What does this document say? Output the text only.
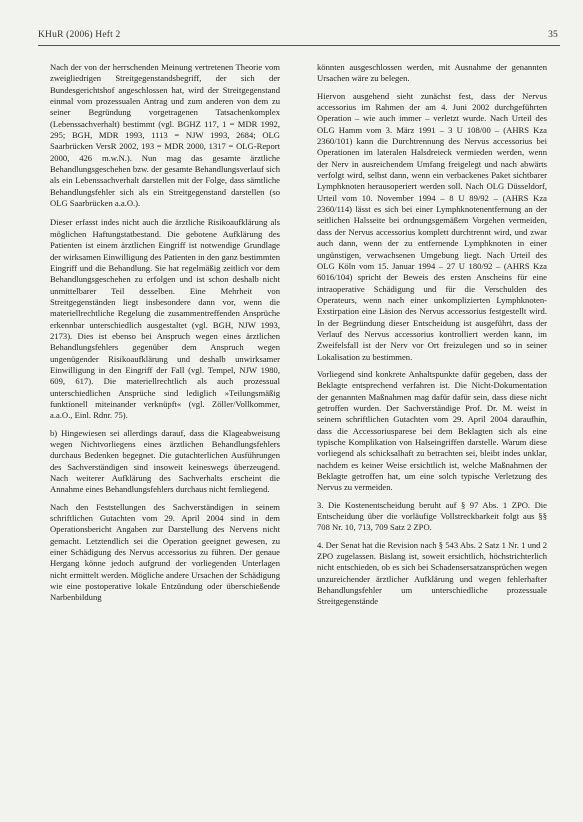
KHuR (2006) Heft 2	35

Nach der von der herrschenden Meinung vertretenen Theorie vom zweigliedrigen Streitgegenstandsbegriff, der sich der Bundesgerichtshof angeschlossen hat, wird der Streitgegenstand einmal vom prozessualen Antrag und zum anderen von dem zu seiner Begründung vorgetragenen Tatsachenkomplex (Lebenssachverhalt) bestimmt (vgl. BGHZ 117, 1 = MDR 1992, 295; BGH, MDR 1993, 1113 = NJW 1993, 2684; OLG Saarbrücken VersR 2002, 193 = MDR 2000, 1317 = OLG-Report 2000, 426 m.w.N.). Nun mag das gesamte ärztliche Behandlungsgeschehen bzw. der gesamte Behandlungsverlauf sich als ein Lebenssachverhalt darstellen mit der Folge, dass sämtliche Behandlungsfehler sich als ein Streitgegenstand darstellen (so OLG Saarbrücken a.a.O.).

Dieser erfasst indes nicht auch die ärztliche Risikoaufklärung als möglichen Haftungstatbestand. Die gebotene Aufklärung des Patienten ist einem ärztlichen Eingriff ist notwendige Grundlage der wirksamen Einwilligung des Patienten in den ganz bestimmten Eingriff und die Behandlung. Sie hat regelmäßig zeitlich vor dem Behandlungsgeschehen zu erfolgen und ist schon deshalb nicht unmittelbarer Teil desselben. Eine Mehrheit von Streitgegenständen liegt insbesondere dann vor, wenn die materiellrechtliche Regelung die zusammentreffenden Ansprüche erkennbar unterschiedlich ausgestaltet (vgl. BGH, NJW 1993, 2173). Dies ist ebenso bei Anspruch wegen eines ärztlichen Behandlungsfehlers gegenüber dem Anspruch wegen ungenügender Risikoaufklärung und deshalb unwirksamer Einwilligung in den Eingriff der Fall (vgl. Tempel, NJW 1980, 609, 617). Die materiellrechtlich als auch prozessual unterschiedlichen Ansprüche sind lediglich »Teilungsmäßig funktionell miteinander verknüpft« (vgl. Zöller/Vollkommer, a.a.O., Einl. Rdnr. 75).

b) Hingewiesen sei allerdings darauf, dass die Klageabweisung wegen Nichtvorliegens eines ärztlichen Behandlungsfehlers durchaus Bedenken begegnet. Die gutachterlichen Ausführungen des Sachverständigen sind insoweit keineswegs überzeugend. Nach weiterer Aufklärung des Sachverhalts erscheint die Annahme eines Behandlungsfehlers durchaus nicht fernliegend.

Nach den Feststellungen des Sachverständigen in seinem schriftlichen Gutachten vom 29. April 2004 sind in dem Operationsbericht Angaben zur Darstellung des Nervens nicht gemacht. Letztendlich sei die Operation geeignet gewesen, zu einer Schädigung des Nervus accessorius zu führen. Der genaue Hergang könne jedoch aufgrund der vorliegenden Unterlagen nicht ermittelt werden. Mögliche andere Ursachen der Schädigung wie eine postoperative lokale Entzündung oder überschießende Narbenbildung

könnten ausgeschlossen werden, mit Ausnahme der genannten Ursachen wäre zu belegen.

Hiervon ausgehend sieht zunächst fest, dass der Nervus accessorius im Rahmen der am 4. Juni 2002 durchgeführten Operation – wie auch immer – verletzt wurde. Nach Urteil des OLG Hamm vom 3. März 1991 – 3 U 108/00 – (AHRS Kza 2360/101) kann die Durchtrennung des Nervus accessorius bei Operationen im lateralen Halsdreieck vermieden werden, wenn der Nerv in ausreichendem Umfang freigelegt und nach abwärts verfolgt wird, selbst dann, wenn ein verbackenes Paket sichtbarer Lymphknoten herausoperiert werden soll. Nach OLG Düsseldorf, Urteil vom 10. November 1994 – 8 U 89/92 – (AHRS Kza 2360/114) lässt es sich bei einer Lymphknotenentfernung an der seitlichen Halsseite bei ordnungsgemäßem Vorgehen vermeiden, dass der Nervus accessorius komplett durchtrennt wird, und zwar auch dann, wenn der zu entfernende Lymphknoten in einer ungünstigen, verwachsenen Umgebung liegt. Nach Urteil des OLG Köln vom 15. Januar 1994 – 27 U 180/92 – (AHRS Kza 6016/104) spricht der Beweis des ersten Anscheins für eine intraoperative Schädigung und für die Verschulden des Operateurs, wenn nach einer unkomplizierten Lymphknoten-Exstirpation eine Läsion des Nervus accessorius festgestellt wird. In der Begründung dieser Entscheidung ist ausgeführt, dass der Verlauf des Nervus accessorius kontrolliert werden kann, im Zweifelsfall ist der Nerv vor Ort freizulegen und so in seiner Lokalisation zu bestimmen.

Vorliegend sind konkrete Anhaltspunkte dafür gegeben, dass der Beklagte entsprechend verfahren ist. Die Nicht-Dokumentation der genannten Maßnahmen mag dafür dafür sein, dass diese nicht getroffen wurden. Der Sachverständige Prof. Dr. M. weist in seinem schriftlichen Gutachten vom 29. April 2004 daraufhin, dass die Accessoriusparese bei dem Beklagten sich als eine typische Komplikation von Halseingriffen darstelle. Warum diese vorliegend als schicksalhaft zu betrachten sei, bleibt indes unklar, nachdem es keiner Weise ersichtlich ist, welche Maßnahmen der Beklagte getroffen hat, um eine solch typische Verletzung des Nervus zu vermeiden.

3. Die Kostenentscheidung beruht auf § 97 Abs. 1 ZPO. Die Entscheidung über die vorläufige Vollstreckbarkeit folgt aus §§ 708 Nr. 10, 713, 709 Satz 2 ZPO.

4. Der Senat hat die Revision nach § 543 Abs. 2 Satz 1 Nr. 1 und 2 ZPO zugelassen. Bislang ist, soweit ersichtlich, höchstrichterlich nicht entschieden, ob es sich bei Schadensersatzansprüchen wegen unzureichender ärztlicher Aufklärung und wegen fehlerhafter Behandlungsfehler um unterschiedliche prozessuale Streitgegenstände
